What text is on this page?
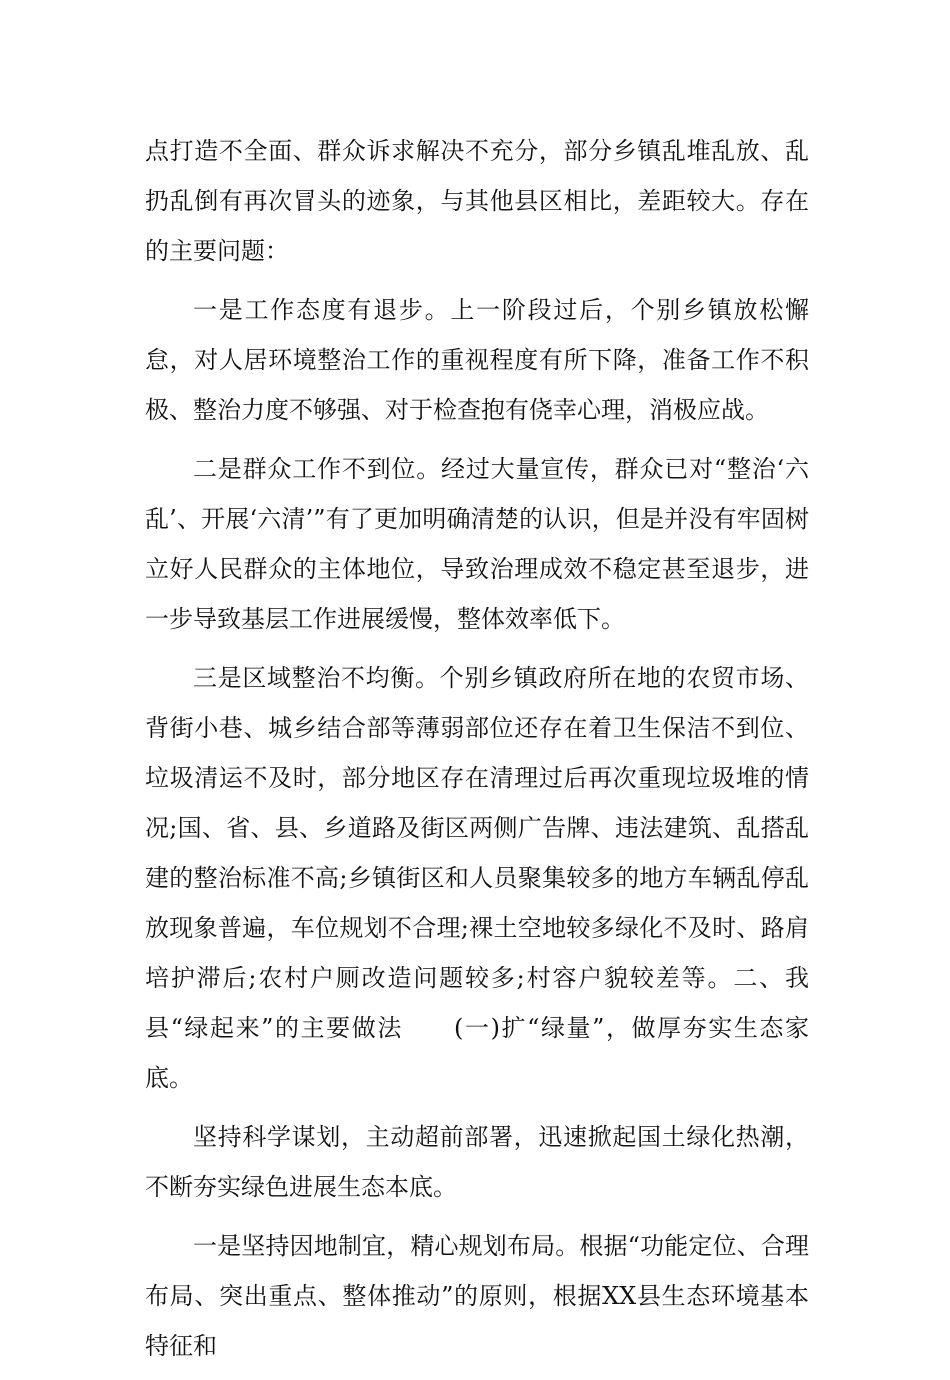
点打造不全面、群众诉求解决不充分，部分乡镇乱堆乱放、乱扔乱倒有再次冒头的迹象，与其他县区相比，差距较大。存在的主要问题：

一是工作态度有退步。上一阶段过后，个别乡镇放松懈怠，对人居环境整治工作的重视程度有所下降，准备工作不积极、整治力度不够强、对于检查抱有侥幸心理，消极应战。

二是群众工作不到位。经过大量宣传，群众已对“整治‘六乱’、开展‘六清’”有了更加明确清楚的认识，但是并没有牢固树立好人民群众的主体地位，导致治理成效不稳定甚至退步，进一步导致基层工作进展缓慢，整体效率低下。

三是区域整治不均衡。个别乡镇政府所在地的农贸市场、背街小巷、城乡结合部等薄弱部位还存在着卫生保洁不到位、垃圾清运不及时，部分地区存在清理过后再次重现垃圾堆的情况;国、省、县、乡道路及街区两侧广告牌、违法建筑、乱搭乱建的整治标准不高;乡镇街区和人员聚集较多的地方车辆乱停乱放现象普遍，车位规划不合理;裸土空地较多绿化不及时、路肩培护滞后;农村户厕改造问题较多;村容户貌较差等。二、我县“绿起来”的主要做法　　(一)扩“绿量”，做厚夯实生态家底。

坚持科学谋划，主动超前部署，迅速掀起国土绿化热潮，不断夯实绿色进展生态本底。

一是坚持因地制宜，精心规划布局。根据“功能定位、合理布局、突出重点、整体推动”的原则，根据XX县生态环境基本特征和
